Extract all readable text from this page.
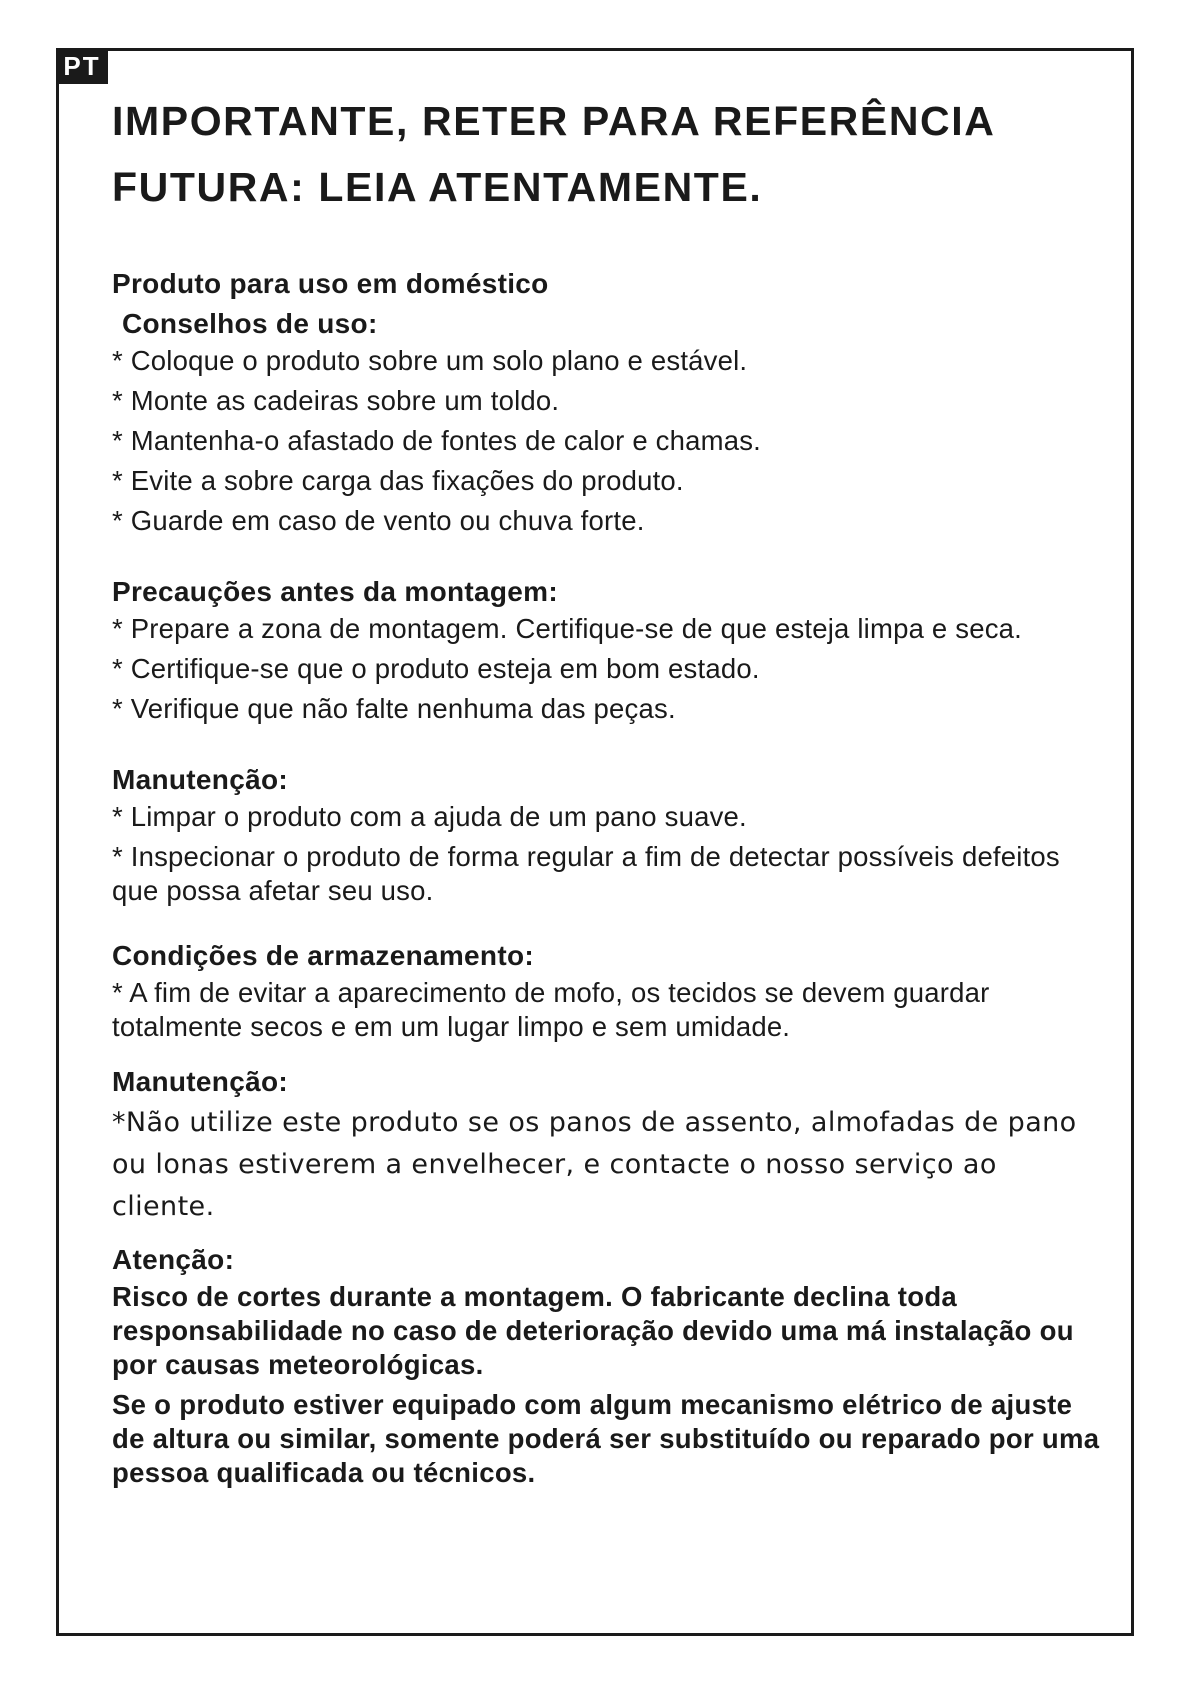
PT
IMPORTANTE, RETER PARA REFERÊNCIA
FUTURA: LEIA ATENTAMENTE.
Produto para uso em doméstico
Conselhos de uso:
* Coloque o produto sobre um solo plano e estável.
* Monte as cadeiras sobre um toldo.
* Mantenha-o afastado de fontes de calor e chamas.
* Evite a sobre carga das fixações do produto.
* Guarde em caso de vento ou chuva forte.
Precauções antes da montagem:
* Prepare a zona de montagem. Certifique-se de que esteja limpa e seca.
* Certifique-se que o produto esteja em bom estado.
* Verifique que não falte nenhuma das peças.
Manutenção:
* Limpar o produto com a ajuda de um pano suave.
* Inspecionar o produto de forma regular a fim de detectar possíveis defeitos que possa afetar seu uso.
Condições de armazenamento:
* A fim de evitar a aparecimento de mofo, os tecidos se devem guardar totalmente secos e em um lugar limpo e sem umidade.
Manutenção:
*Não utilize este produto se os panos de assento, almofadas de pano ou lonas estiverem a envelhecer, e contacte o nosso serviço ao cliente.
Atenção:
Risco de cortes durante a montagem. O fabricante declina toda responsabilidade no caso de deterioração devido uma má instalação ou por causas meteorológicas.
Se o produto estiver equipado com algum mecanismo elétrico de ajuste de altura ou similar, somente poderá ser substituído ou reparado por uma pessoa qualificada ou técnicos.
